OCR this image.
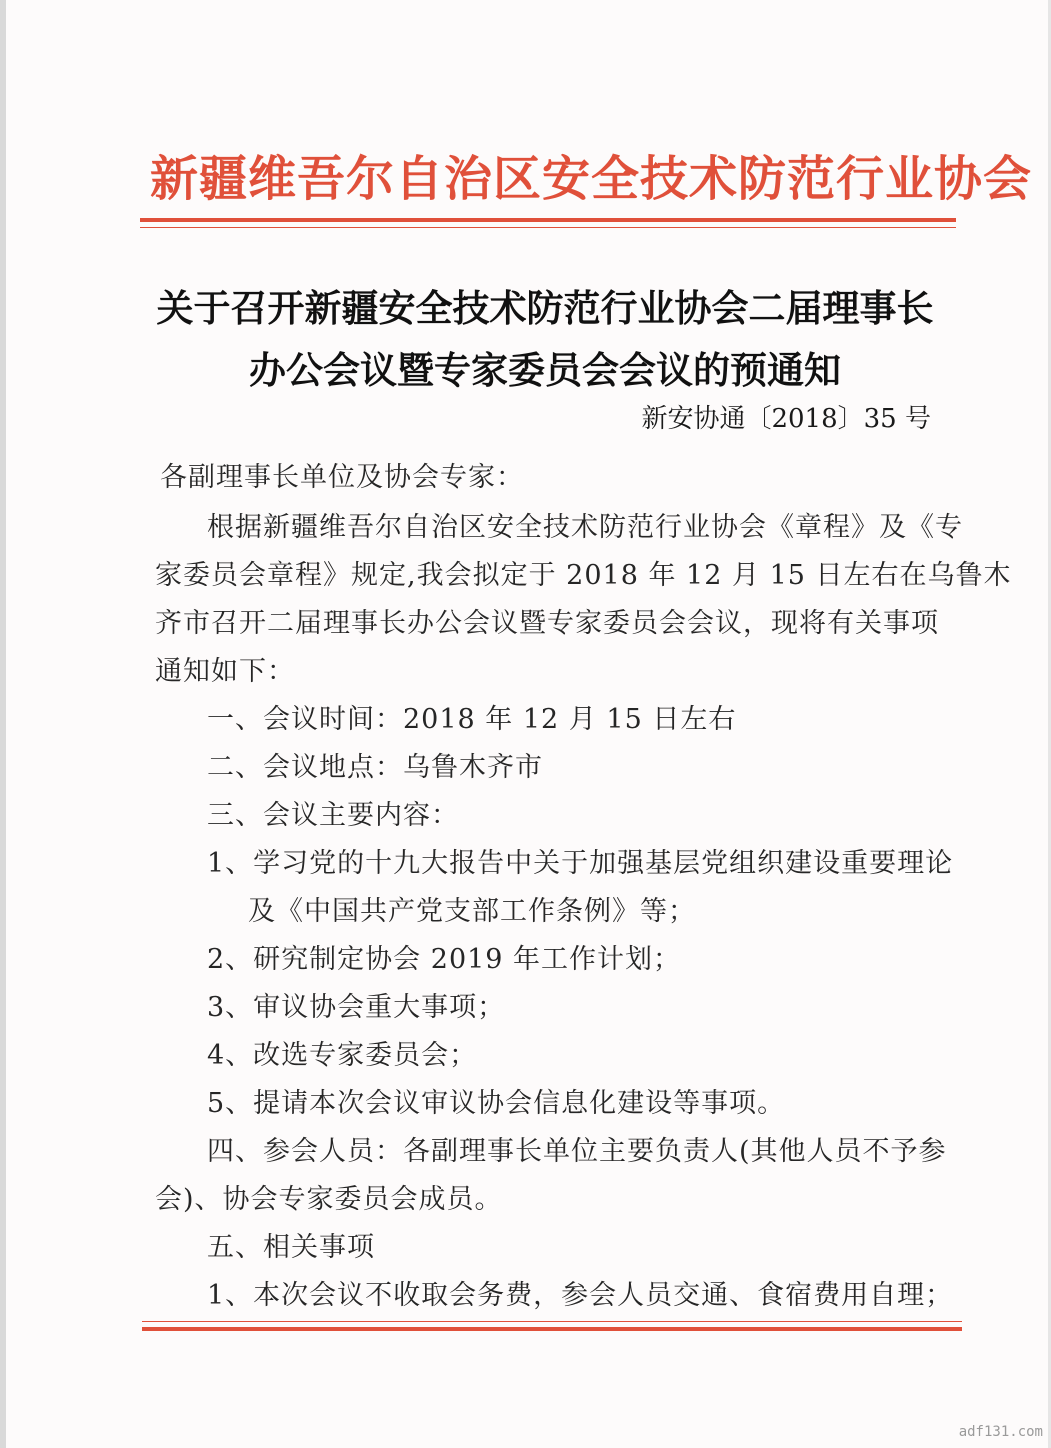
新疆维吾尔自治区安全技术防范行业协会
关于召开新疆安全技术防范行业协会二届理事长
办公会议暨专家委员会会议的预通知
新安协通〔2018〕35 号
各副理事长单位及协会专家：
根据新疆维吾尔自治区安全技术防范行业协会《章程》及《专
家委员会章程》规定,我会拟定于 2018 年 12 月 15 日左右在乌鲁木
齐市召开二届理事长办公会议暨专家委员会会议，现将有关事项
通知如下：
一、会议时间：2018 年 12 月 15 日左右
二、会议地点：乌鲁木齐市
三、会议主要内容：
1、学习党的十九大报告中关于加强基层党组织建设重要理论
及《中国共产党支部工作条例》等；
2、研究制定协会 2019 年工作计划；
3、审议协会重大事项；
4、改选专家委员会；
5、提请本次会议审议协会信息化建设等事项。
四、参会人员：各副理事长单位主要负责人(其他人员不予参
会)、协会专家委员会成员。
五、相关事项
1、本次会议不收取会务费，参会人员交通、食宿费用自理；
adf131.com
